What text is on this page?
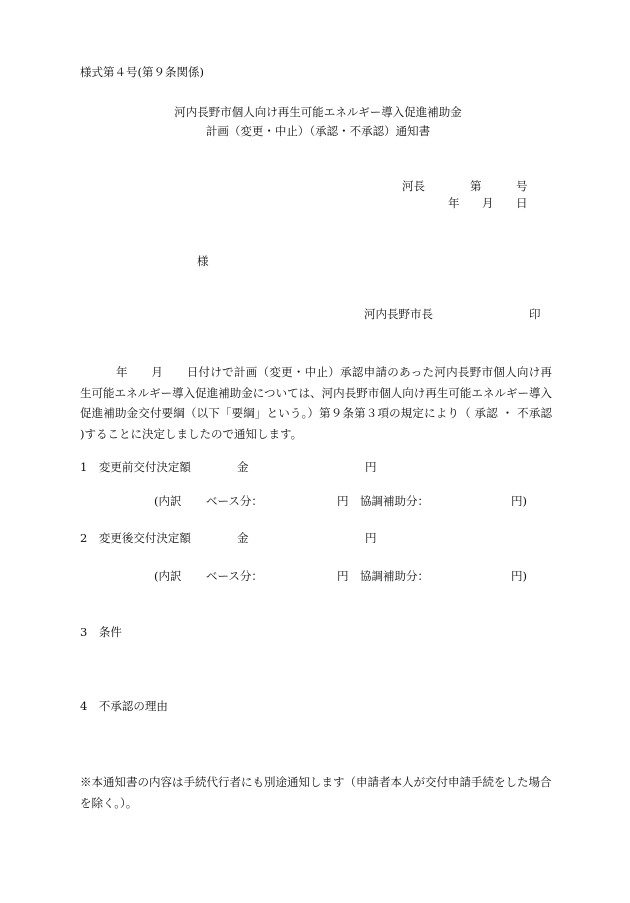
様式第４号(第９条関係)
河内長野市個人向け再生可能エネルギー導入促進補助金
計画（変更・中止）（承認・不承認）通知書
河長	第	号
年 月 日
様
河内長野市長	印

年　　月　　日付けで計画（変更・中止）承認申請のあった河内長野市個人向け再生可能エネルギー導入促進補助金については、河内長野市個人向け再生可能エネルギー導入促進補助金交付要綱（以下「要綱」という。）第９条第３項の規定により（ 承認 ・ 不承認 )することに決定しましたので通知します。

1　変更前交付決定額	金	円
(内訳 ベース分：	円 協調補助分：	円)
2　変更後交付決定額	金	円
(内訳 ベース分：	円 協調補助分：	円)
3　条件
4　不承認の理由

※本通知書の内容は手続代行者にも別途通知します（申請者本人が交付申請手続をした場合を除く。）。
